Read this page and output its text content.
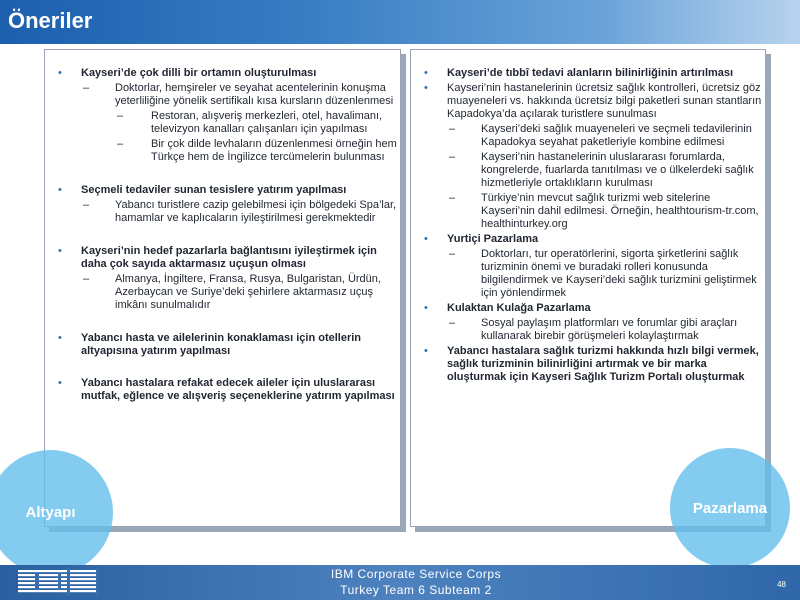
Öneriler
• Kayseri’de çok dilli bir ortamın oluşturulması
– Doktorlar, hemşireler ve seyahat acentelerinin konuşma yeterliliğine yönelik sertifikalı kısa kursların düzenlenmesi
–	Restoran, alışveriş merkezleri, otel, havalimanı, televizyon kanalları çalışanları için yapılması
–	Bir çok dilde levhaların düzenlenmesi örneğin hem Türkçe hem de İngilizce tercümelerin bulunması
• Seçmeli tedaviler sunan tesislere yatırım yapılması
– Yabancı turistlere cazip gelebilmesi için bölgedeki Spa’lar, hamamlar ve kaplıcaların iyileştirilmesi gerekmektedir
• Kayseri’nin hedef pazarlarla bağlantısını iyileştirmek için daha çok sayıda aktarmasız uçuşun olması
– Almanya, İngiltere, Fransa, Rusya, Bulgaristan, Ürdün, Azerbaycan ve Suriye’deki şehirlere aktarmasız uçuş imkânı sunulmalıdır
• Yabancı hasta ve ailelerinin konaklaması için otellerin altyapısına yatırım yapılması
• Yabancı hastalara refakat edecek aileler için uluslararası mutfak, eğlence ve alışveriş seçeneklerine yatırım yapılması
• Kayseri’de tıbbî tedavi alanların bilinirliğinin artırılması
• Kayseri’nin hastanelerinin ücretsiz sağlık kontrolleri, ücretsiz göz muayeneleri vs. hakkında ücretsiz bilgi paketleri sunan stantların Kapadokya’da açılarak turistlere sunulması
– Kayseri’deki sağlık muayeneleri ve seçmeli tedavilerinin Kapadokya seyahat paketleriyle kombine edilmesi
– Kayseri’nin hastanelerinin uluslararası forumlarda, kongrelerde, fuarlarda tanıtılması ve o ülkelerdeki sağlık hizmetleriyle ortaklıkların kurulması
– Türkiye’nin mevcut sağlık turizmi web sitelerine Kayseri’nin dahil edilmesi. Örneğin, healthtourism-tr.com, healthinturkey.org
• Yurtiçi Pazarlama
– Doktorları, tur operatörlerini, sigorta şirketlerini sağlık turizminin önemi ve buradaki rolleri konusunda bilgilendirmek ve Kayseri’deki sağlık turizmini geliştirmek için yönlendirmek
• Kulaktan Kulağa Pazarlama
– Sosyal paylaşım platformları ve forumlar gibi araçları kullanarak birebir görüşmeleri kolaylaştırmak
• Yabancı hastalara sağlık turizmi hakkında hızlı bilgi vermek, sağlık turizminin bilinirliğini artırmak ve bir marka oluşturmak için Kayseri Sağlık Turizm Portalı oluşturmak
Altyapı	Pazarlama
IBM Corporate Service Corps
Turkey Team 6 Subteam 2	48
